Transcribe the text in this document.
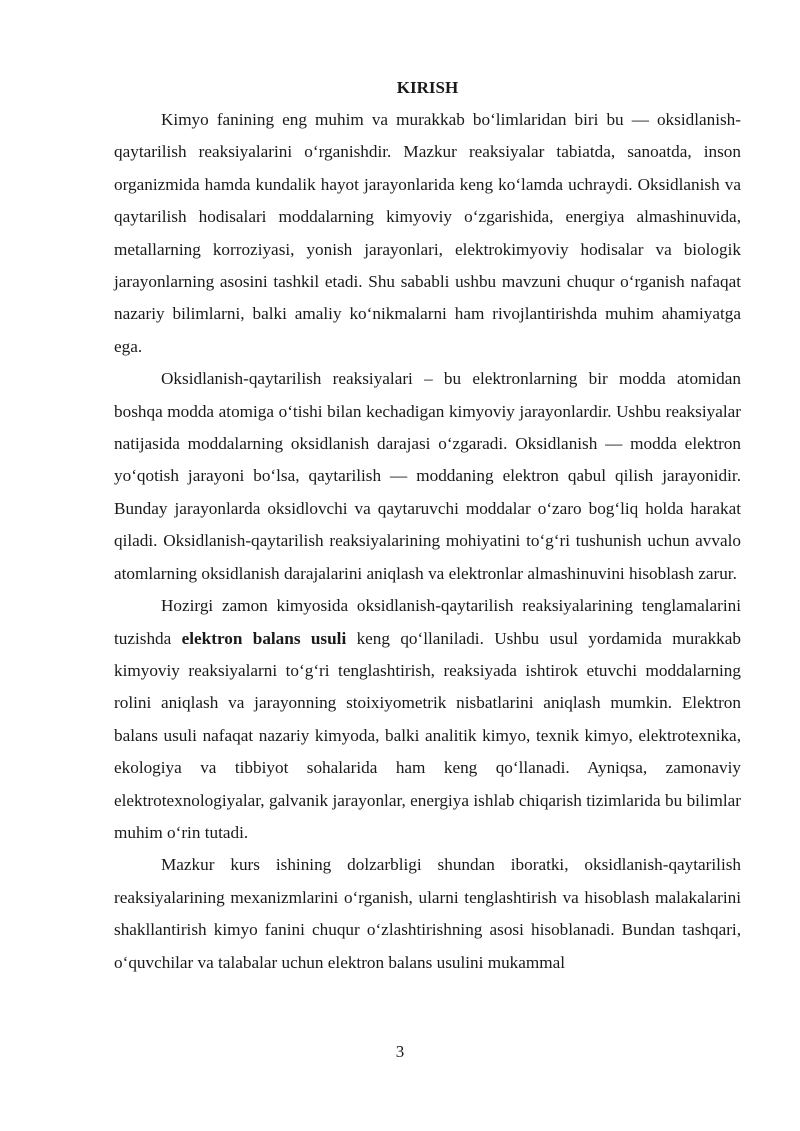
KIRISH

Kimyo fanining eng muhim va murakkab boʻlimlaridan biri bu — oksidlanish-qaytarilish reaksiyalarini oʻrganishdir. Mazkur reaksiyalar tabiatda, sanoatda, inson organizmida hamda kundalik hayot jarayonlarida keng koʻlamda uchraydi. Oksidlanish va qaytarilish hodisalari moddalarning kimyoviy oʻzgarishida, energiya almashinuvida, metallarning korroziyasi, yonish jarayonlari, elektrokimyoviy hodisalar va biologik jarayonlarning asosini tashkil etadi. Shu sababli ushbu mavzuni chuqur oʻrganish nafaqat nazariy bilimlarni, balki amaliy koʻnikmalarni ham rivojlantirishda muhim ahamiyatga ega.

Oksidlanish-qaytarilish reaksiyalari – bu elektronlarning bir modda atomidan boshqa modda atomiga oʻtishi bilan kechadigan kimyoviy jarayonlardir. Ushbu reaksiyalar natijasida moddalarning oksidlanish darajasi oʻzgaradi. Oksidlanish — modda elektron yoʻqotish jarayoni boʻlsa, qaytarilish — moddaning elektron qabul qilish jarayonidir. Bunday jarayonlarda oksidlovchi va qaytaruvchi moddalar oʻzaro bogʻliq holda harakat qiladi. Oksidlanish-qaytarilish reaksiyalarining mohiyatini toʻgʻri tushunish uchun avvalo atomlarning oksidlanish darajalarini aniqlash va elektronlar almashinuvini hisoblash zarur.

Hozirgi zamon kimyosida oksidlanish-qaytarilish reaksiyalarining tenglamalarini tuzishda elektron balans usuli keng qoʻllaniladi. Ushbu usul yordamida murakkab kimyoviy reaksiyalarni toʻgʻri tenglashtirish, reaksiyada ishtirok etuvchi moddalarning rolini aniqlash va jarayonning stoixiyometrik nisbatlarini aniqlash mumkin. Elektron balans usuli nafaqat nazariy kimyoda, balki analitik kimyo, texnik kimyo, elektrotexnika, ekologiya va tibbiyot sohalarida ham keng qoʻllanadi. Ayniqsa, zamonaviy elektrotexnologiyalar, galvanik jarayonlar, energiya ishlab chiqarish tizimlarida bu bilimlar muhim oʻrin tutadi.

Mazkur kurs ishining dolzarbligi shundan iboratki, oksidlanish-qaytarilish reaksiyalarining mexanizmlarini oʻrganish, ularni tenglashtirish va hisoblash malakalarini shakllantirish kimyo fanini chuqur oʻzlashtirishning asosi hisoblanadi. Bundan tashqari, oʻquvchilar va talabalar uchun elektron balans usulini mukammal

3
